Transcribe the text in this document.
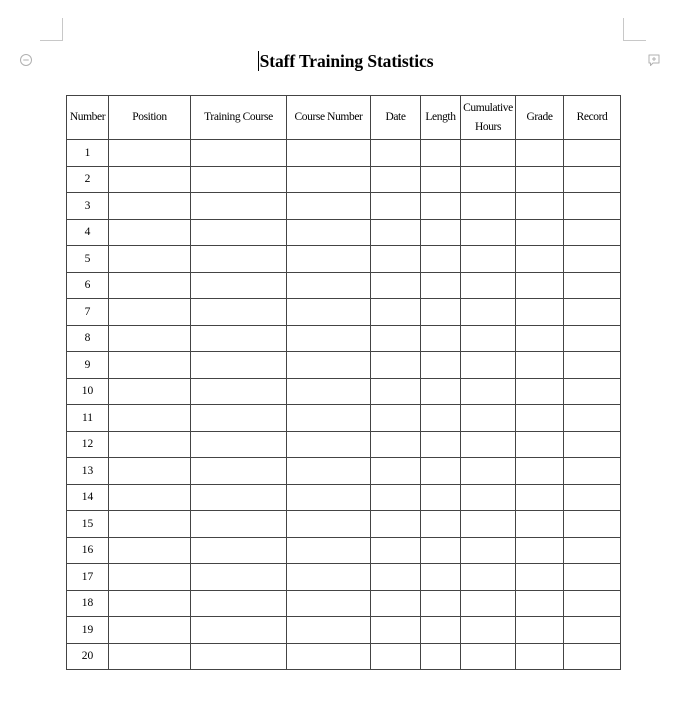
Staff Training Statistics
Number	Position	Training Course	Course Number	Date	Length	Cumulative Hours	Grade	Record
1								
2								
3								
4								
5								
6								
7								
8								
9								
10								
11								
12								
13								
14								
15								
16								
17								
18								
19								
20								
